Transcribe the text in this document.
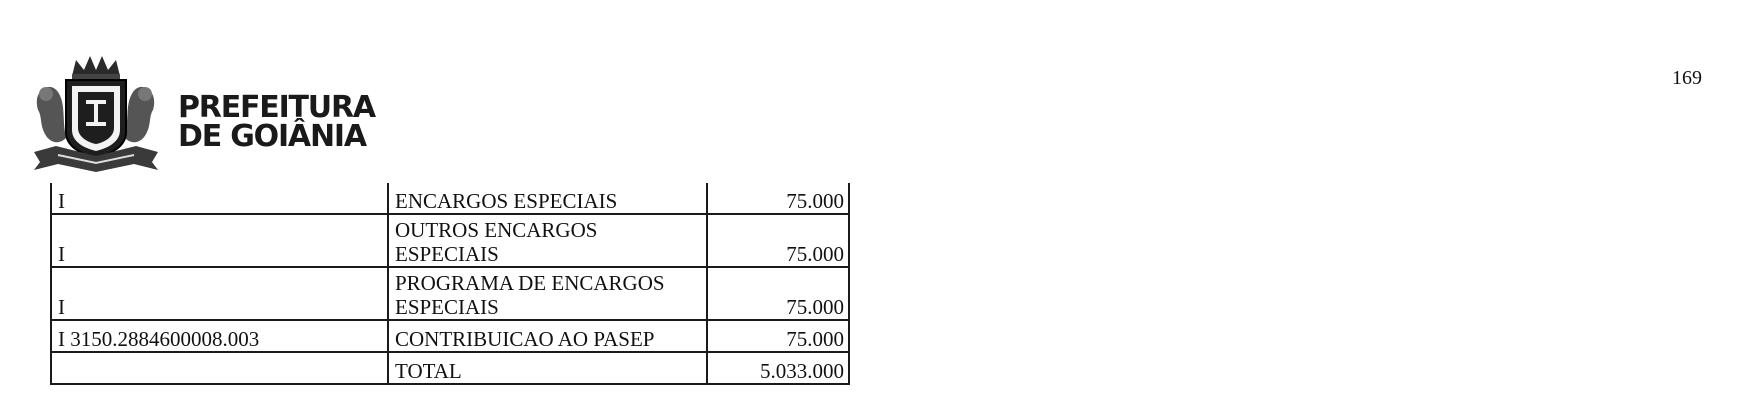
PREFEITURA
DE GOIÂNIA
169
I	ENCARGOS ESPECIAIS	75.000
I	OUTROS ENCARGOS ESPECIAIS	75.000
I	PROGRAMA DE ENCARGOS ESPECIAIS	75.000
I 3150.2884600008.003	CONTRIBUICAO AO PASEP	75.000
	TOTAL	5.033.000
